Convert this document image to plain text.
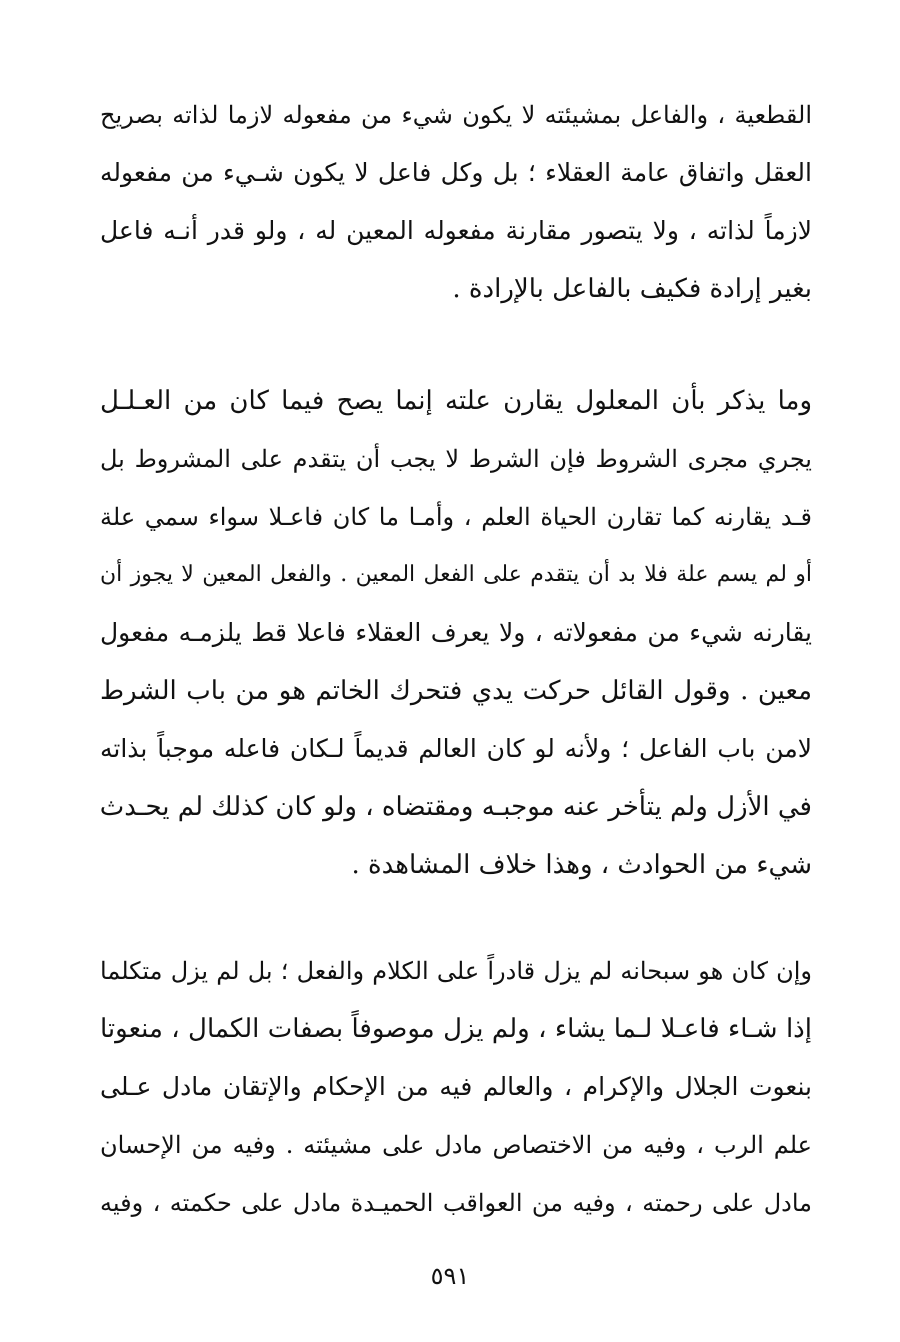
القطعية ، والفاعل بمشيئته لا يكون شيء من مفعوله لازما لذاته بصريح
العقل واتفاق عامة العقلاء ؛ بل وكل فاعل لا يكون شـيء من مفعوله
لازماً لذاته ، ولا يتصور مقارنة مفعوله المعين له ، ولو قدر أنـه فاعل
بغير إرادة فكيف بالفاعل بالإرادة .
وما يذكر بأن المعلول يقارن علته إنما يصح فيما كان من العـلـل
يجري مجرى الشروط فإن الشرط لا يجب أن يتقدم على المشروط بل
قـد يقارنه كما تقارن الحياة العلم ، وأمـا ما كان فاعـلا سواء سمي علة
أو لم يسم علة فلا بد أن يتقدم على الفعل المعين . والفعل المعين لا يجوز أن
يقارنه شيء من مفعولاته ، ولا يعرف العقلاء فاعلا قط يلزمـه مفعول
معين . وقول القائل حركت يدي فتحرك الخاتم هو من باب الشرط
لامن باب الفاعل ؛ ولأنه لو كان العالم قديماً لـكان فاعله موجباً بذاته
في الأزل ولم يتأخر عنه موجبـه ومقتضاه ، ولو كان كذلك لم يحـدث
شيء من الحوادث ، وهذا خلاف المشاهدة .
وإن كان هو سبحانه لم يزل قادراً على الكلام والفعل ؛ بل لم يزل متكلما
إذا شـاء فاعـلا لـما يشاء ، ولم يزل موصوفاً بصفات الكمال ، منعوتا
بنعوت الجلال والإكرام ، والعالم فيه من الإحكام والإتقان مادل عـلى
علم الرب ، وفيه من الاختصاص مادل على مشيئته . وفيه من الإحسان
مادل على رحمته ، وفيه من العواقب الحميـدة مادل على حكمته ، وفيه
٥٩١
